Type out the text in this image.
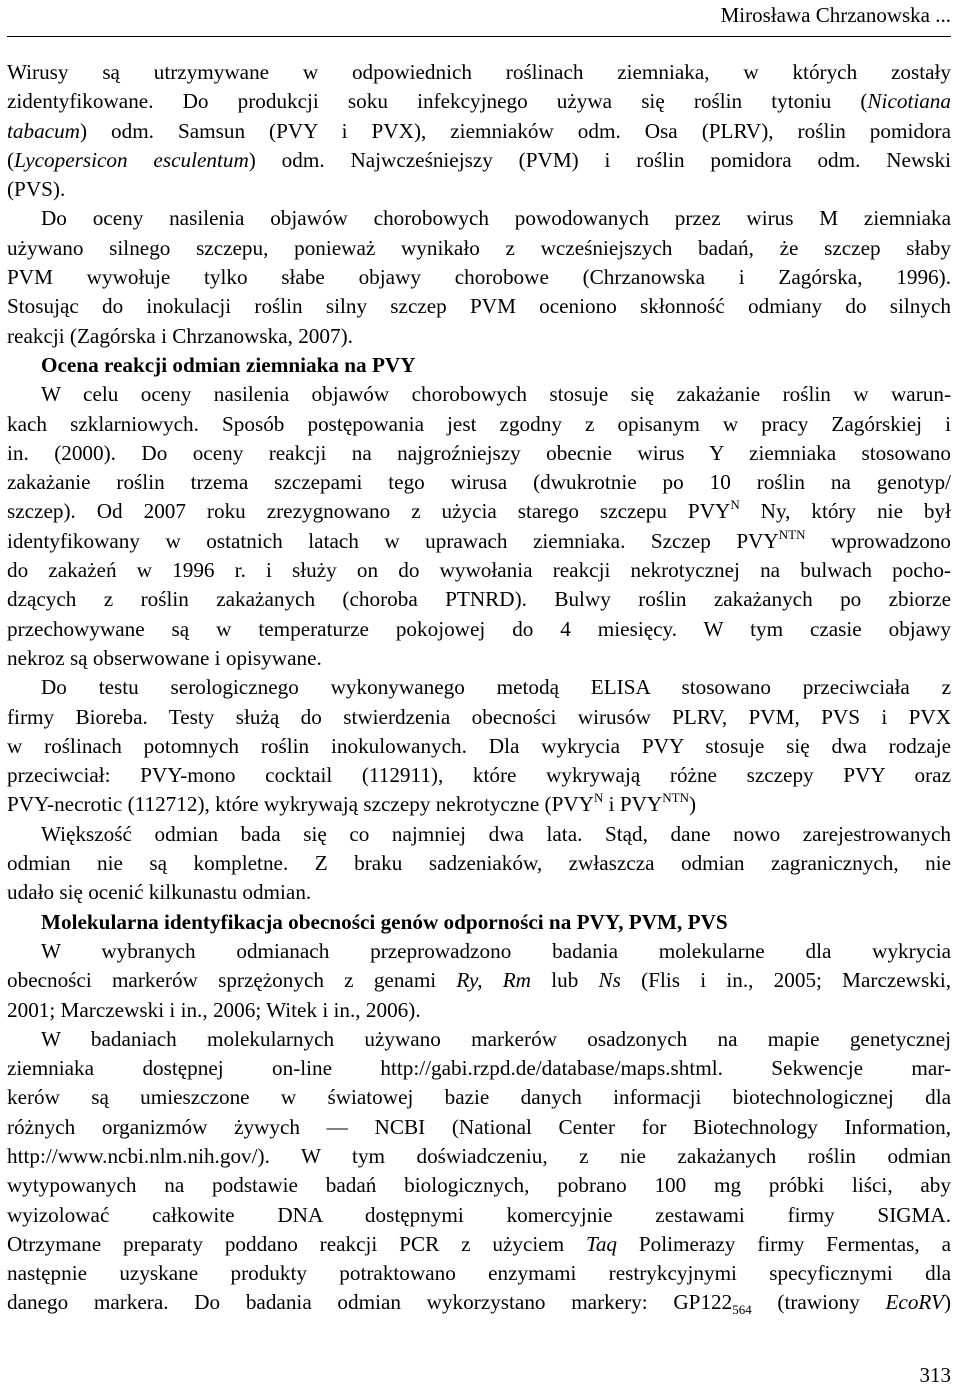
Mirosława Chrzanowska ...
Wirusy są utrzymywane w odpowiednich roślinach ziemniaka, w których zostały
zidentyfikowane. Do produkcji soku infekcyjnego używa się roślin tytoniu (Nicotiana
tabacum) odm. Samsun (PVY i PVX), ziemniaków odm. Osa (PLRV), roślin pomidora
(Lycopersicon esculentum) odm. Najwcześniejszy (PVM) i roślin pomidora odm. Newski
(PVS).
Do oceny nasilenia objawów chorobowych powodowanych przez wirus M ziemniaka
używano silnego szczepu, ponieważ wynikało z wcześniejszych badań, że szczep słaby
PVM wywołuje tylko słabe objawy chorobowe (Chrzanowska i Zagórska, 1996).
Stosując do inokulacji roślin silny szczep PVM oceniono skłonność odmiany do silnych
reakcji (Zagórska i Chrzanowska, 2007).
Ocena reakcji odmian ziemniaka na PVY
W celu oceny nasilenia objawów chorobowych stosuje się zakażanie roślin w warun-
kach szklarniowych. Sposób postępowania jest zgodny z opisanym w pracy Zagórskiej i
in. (2000). Do oceny reakcji na najgroźniejszy obecnie wirus Y ziemniaka stosowano
zakażanie roślin trzema szczepami tego wirusa (dwukrotnie po 10 roślin na genotyp/
szczep). Od 2007 roku zrezygnowano z użycia starego szczepu $PVY^N$ Ny, który nie był
identyfikowany w ostatnich latach w uprawach ziemniaka. Szczep $PVY^{NTN}$ wprowadzono
do zakażeń w 1996 r. i służy on do wywołania reakcji nekrotycznej na bulwach pocho-
dzących z roślin zakażanych (choroba PTNRD). Bulwy roślin zakażanych po zbiorze
przechowywane są w temperaturze pokojowej do 4 miesięcy. W tym czasie objawy
nekroz są obserwowane i opisywane.
Do testu serologicznego wykonywanego metodą ELISA stosowano przeciwciała z
firmy Bioreba. Testy służą do stwierdzenia obecności wirusów PLRV, PVM, PVS i PVX
w roślinach potomnych roślin inokulowanych. Dla wykrycia PVY stosuje się dwa rodzaje
przeciwciał: PVY-mono cocktail (112911), które wykrywają różne szczepy PVY oraz
PVY-necrotic (112712), które wykrywają szczepy nekrotyczne ($PVY^N$ i $PVY^{NTN}$)
Większość odmian bada się co najmniej dwa lata. Stąd, dane nowo zarejestrowanych
odmian nie są kompletne. Z braku sadzeniaków, zwłaszcza odmian zagranicznych, nie
udało się ocenić kilkunastu odmian.
Molekularna identyfikacja obecności genów odporności na PVY, PVM, PVS
W wybranych odmianach przeprowadzono badania molekularne dla wykrycia
obecności markerów sprzężonych z genami Ry, Rm lub Ns (Flis i in., 2005; Marczewski,
2001; Marczewski i in., 2006; Witek i in., 2006).
W badaniach molekularnych używano markerów osadzonych na mapie genetycznej
ziemniaka dostępnej on-line http://gabi.rzpd.de/database/maps.shtml. Sekwencje mar-
kerów są umieszczone w światowej bazie danych informacji biotechnologicznej dla
różnych organizmów żywych — NCBI (National Center for Biotechnology Information,
http://www.ncbi.nlm.nih.gov/). W tym doświadczeniu, z nie zakażanych roślin odmian
wytypowanych na podstawie badań biologicznych, pobrano 100 mg próbki liści, aby
wyizolować całkowite DNA dostępnymi komercyjnie zestawami firmy SIGMA.
Otrzymane preparaty poddano reakcji PCR z użyciem Taq Polimerazy firmy Fermentas, a
następnie uzyskane produkty potraktowano enzymami restrykcyjnymi specyficznymi dla
danego markera. Do badania odmian wykorzystano markery: $GP122_{564}$ (trawiony EcoRV)
313
